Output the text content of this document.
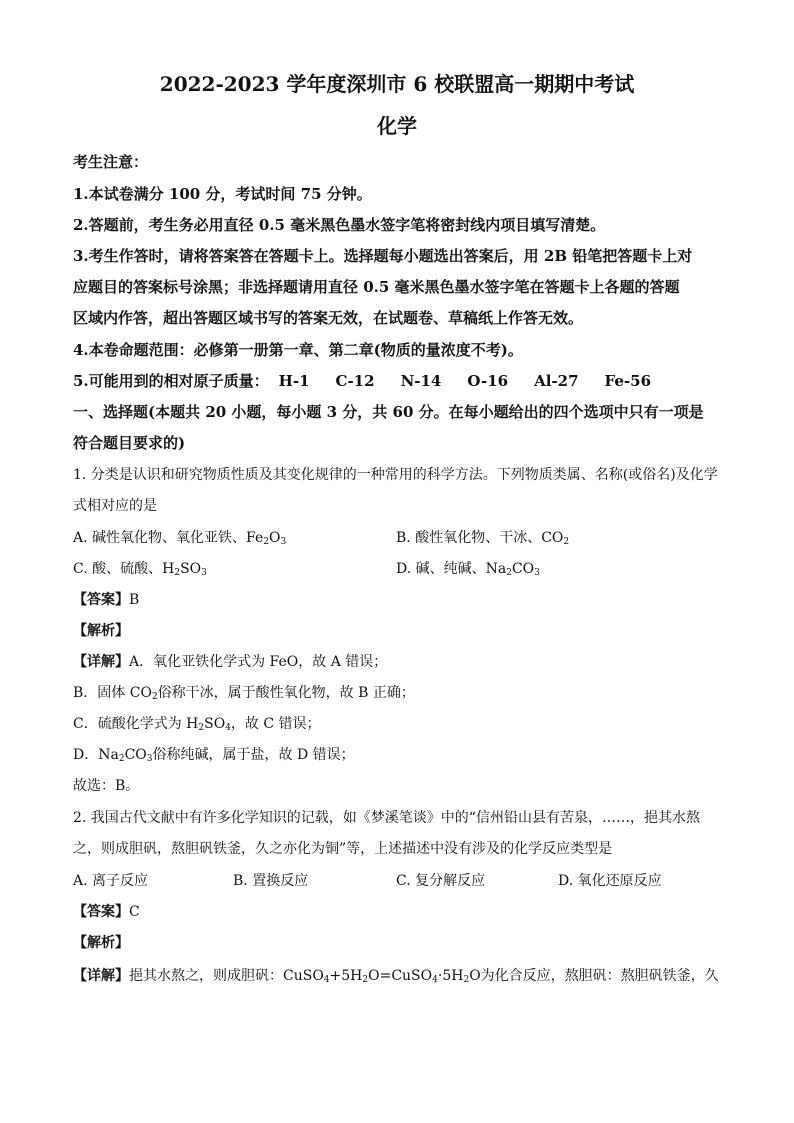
2022-2023 学年度深圳市 6 校联盟高一期期中考试
化学
考生注意：
1.本试卷满分 100 分，考试时间 75 分钟。
2.答题前，考生务必用直径 0.5 毫米黑色墨水签字笔将密封线内项目填写清楚。
3.考生作答时，请将答案答在答题卡上。选择题每小题选出答案后，用 2B 铅笔把答题卡上对
应题目的答案标号涂黑；非选择题请用直径 0.5 毫米黑色墨水签字笔在答题卡上各题的答题
区域内作答，超出答题区域书写的答案无效，在试题卷、草稿纸上作答无效。
4.本卷命题范围：必修第一册第一章、第二章(物质的量浓度不考)。
5.可能用到的相对原子质量： H-1 C-12 N-14 O-16 Al-27 Fe-56
一、选择题(本题共 20 小题，每小题 3 分，共 60 分。在每小题给出的四个选项中只有一项是
符合题目要求的)
1. 分类是认识和研究物质性质及其变化规律的一种常用的科学方法。下列物质类属、名称(或俗名)及化学
式相对应的是
A. 碱性氧化物、氧化亚铁、$Fe_2O_3$	B. 酸性氧化物、干冰、$CO_2$
C. 酸、硫酸、$H_2SO_3$	D. 碱、纯碱、$Na_2CO_3$
【答案】B
【解析】
【详解】A．氧化亚铁化学式为 FeO，故 A 错误；
B．固体 $CO_2$俗称干冰，属于酸性氧化物，故 B 正确；
C．硫酸化学式为 $H_2SO_4$，故 C 错误；
D．$Na_2CO_3$俗称纯碱，属于盐，故 D 错误；
故选：B。
2. 我国古代文献中有许多化学知识的记载，如《梦溪笔谈》中的“信州铅山县有苦泉，……，挹其水熬
之，则成胆矾，熬胆矾铁釜，久之亦化为铜”等，上述描述中没有涉及的化学反应类型是
A. 离子反应	B. 置换反应	C. 复分解反应	D. 氧化还原反应
【答案】C
【解析】
【详解】挹其水熬之，则成胆矾：$CuSO_4+5H_2O=CuSO_4\cdot 5H_2O$为化合反应，熬胆矾：熬胆矾铁釜，久
